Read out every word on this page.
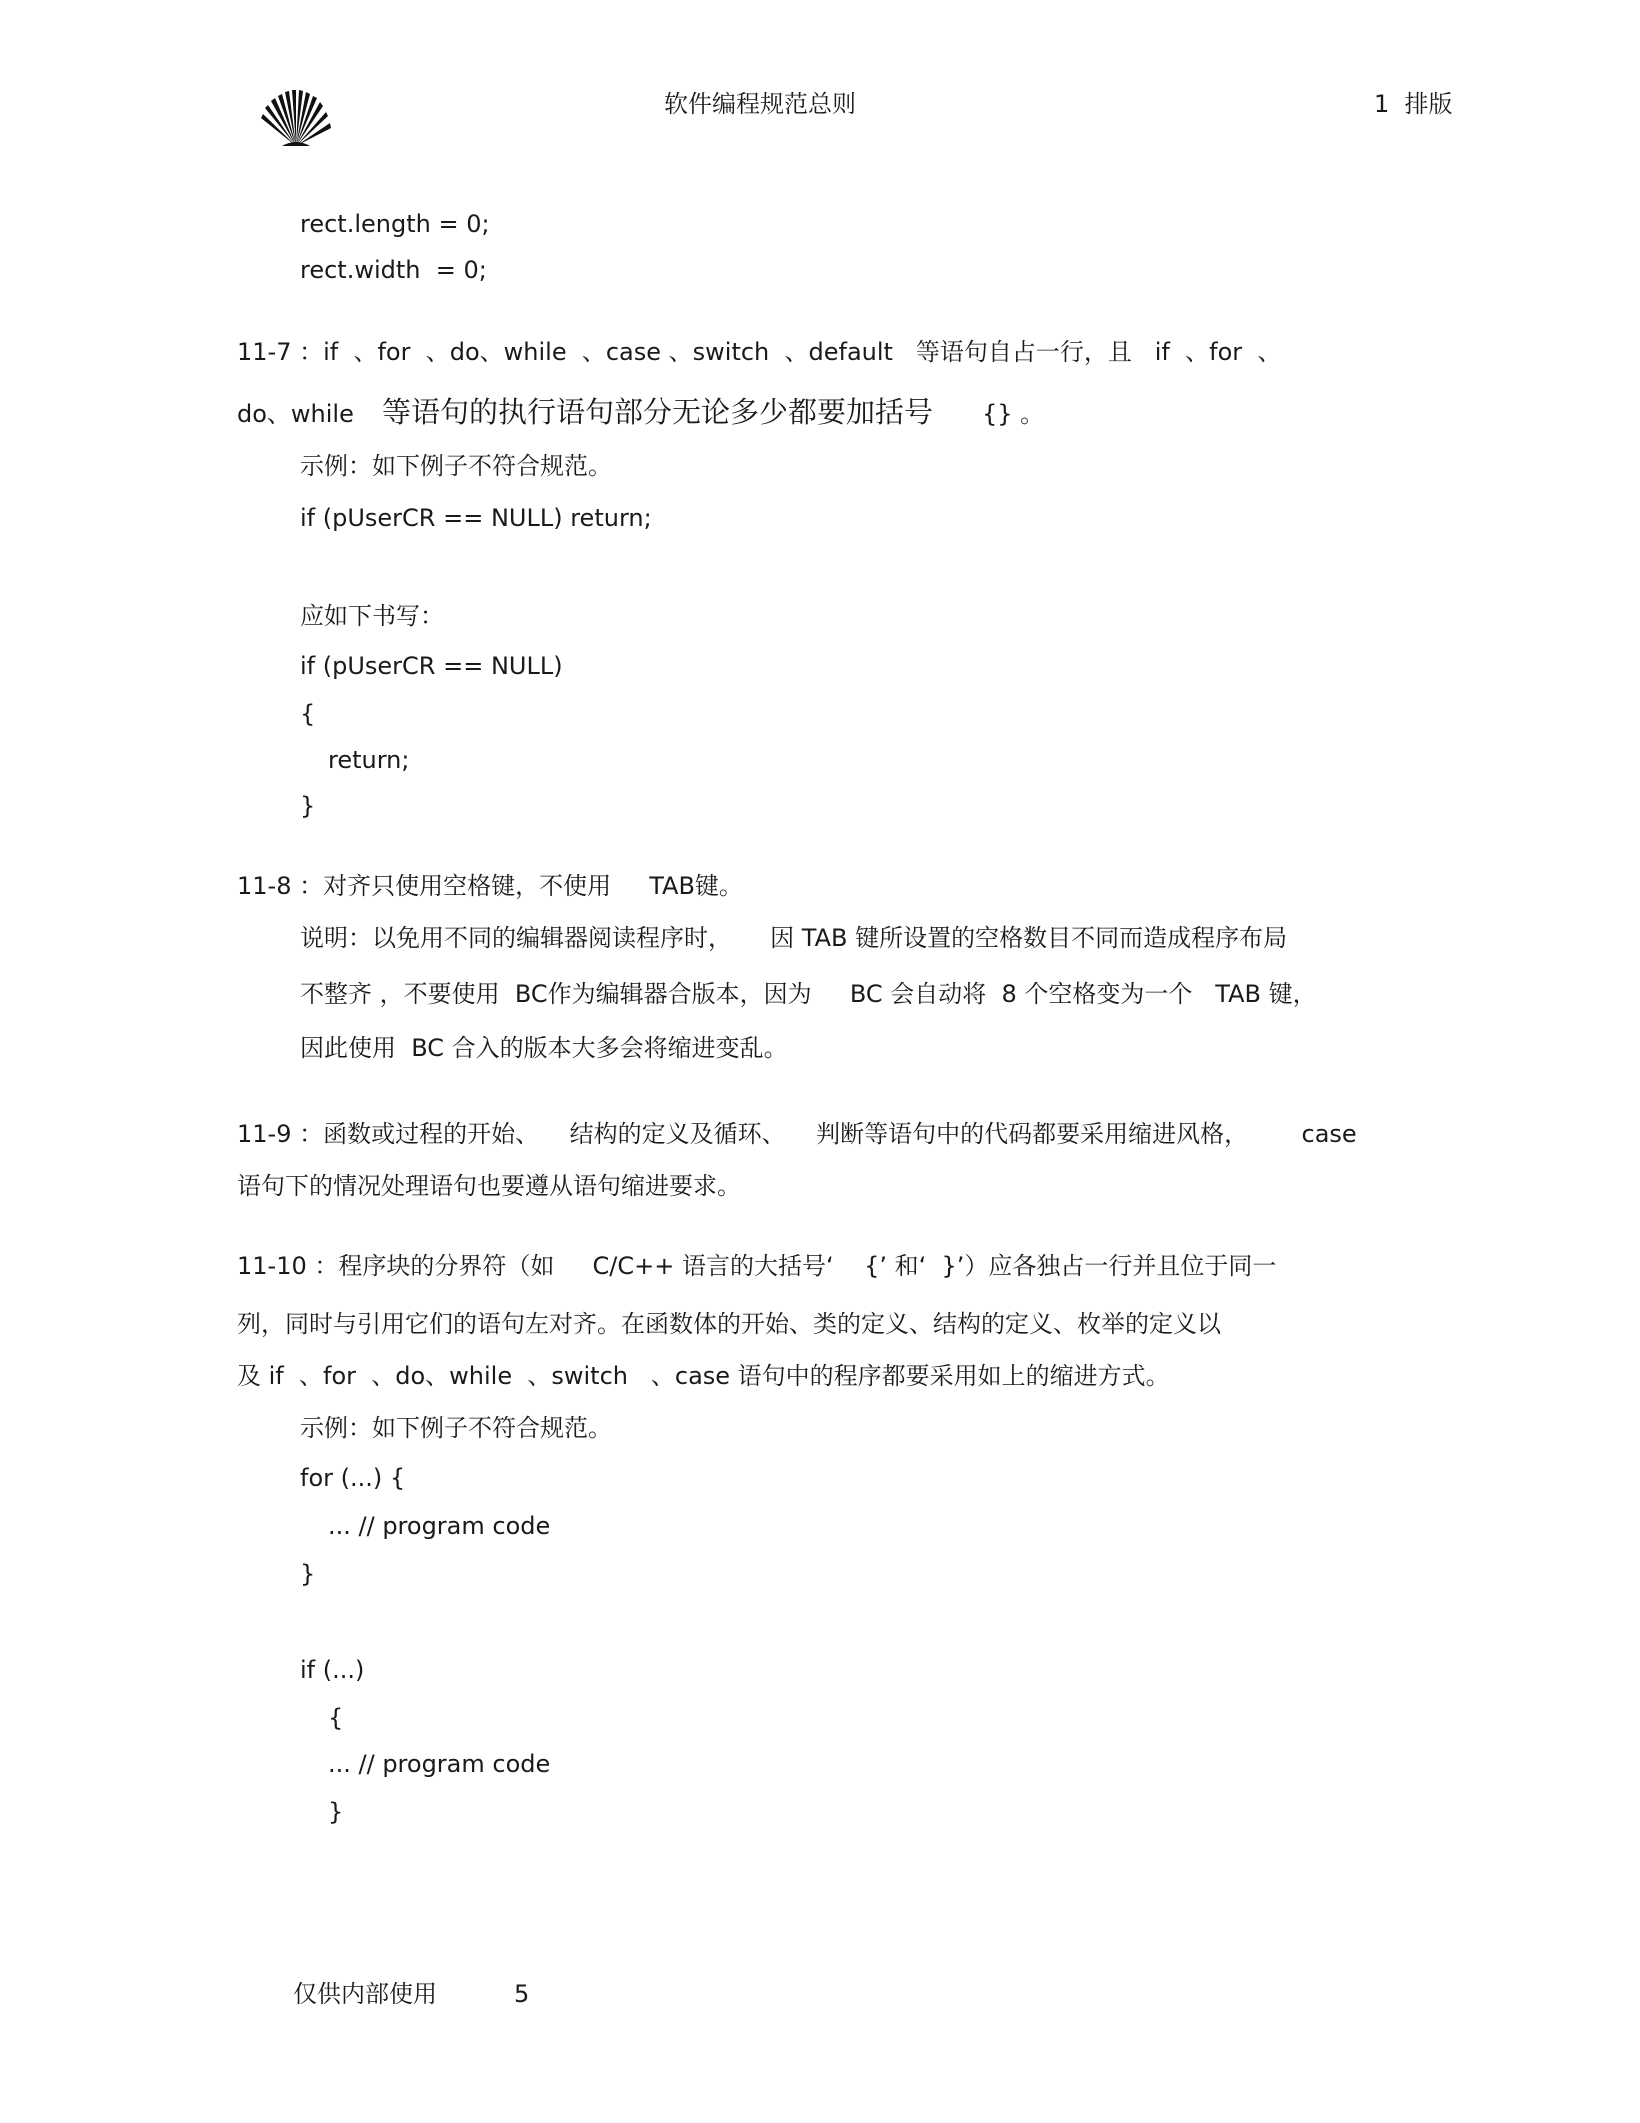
软件编程规范总则	1  排版
rect.length = 0;
rect.width  = 0;
11-7 ：if  、for  、do、while  、case 、switch  、default   等语句自占一行，且   if  、for  、
do、while 等语句的执行语句部分无论多少都要加括号 {} 。
示例：如下例子不符合规范。
if (pUserCR == NULL) return;
应如下书写：
if (pUserCR == NULL)
{
return;
}
11-8 ：对齐只使用空格键，不使用     TAB键。
说明：以免用不同的编辑器阅读程序时，     因 TAB 键所设置的空格数目不同而造成程序布局
不整齐 ，不要使用  BC作为编辑器合版本，因为     BC 会自动将  8 个空格变为一个   TAB 键，
因此使用  BC 合入的版本大多会将缩进变乱。
11-9 ：函数或过程的开始、    结构的定义及循环、    判断等语句中的代码都要采用缩进风格，       case
语句下的情况处理语句也要遵从语句缩进要求。
11-10 ：程序块的分界符（如     C/C++ 语言的大括号‘    {’ 和‘  }’）应各独占一行并且位于同一
列，同时与引用它们的语句左对齐。在函数体的开始、类的定义、结构的定义、枚举的定义以
及 if  、for  、do、while  、switch   、case 语句中的程序都要采用如上的缩进方式。
示例：如下例子不符合规范。
for (...) {
... // program code
}
if (...)
{
... // program code
}
仅供内部使用	5
